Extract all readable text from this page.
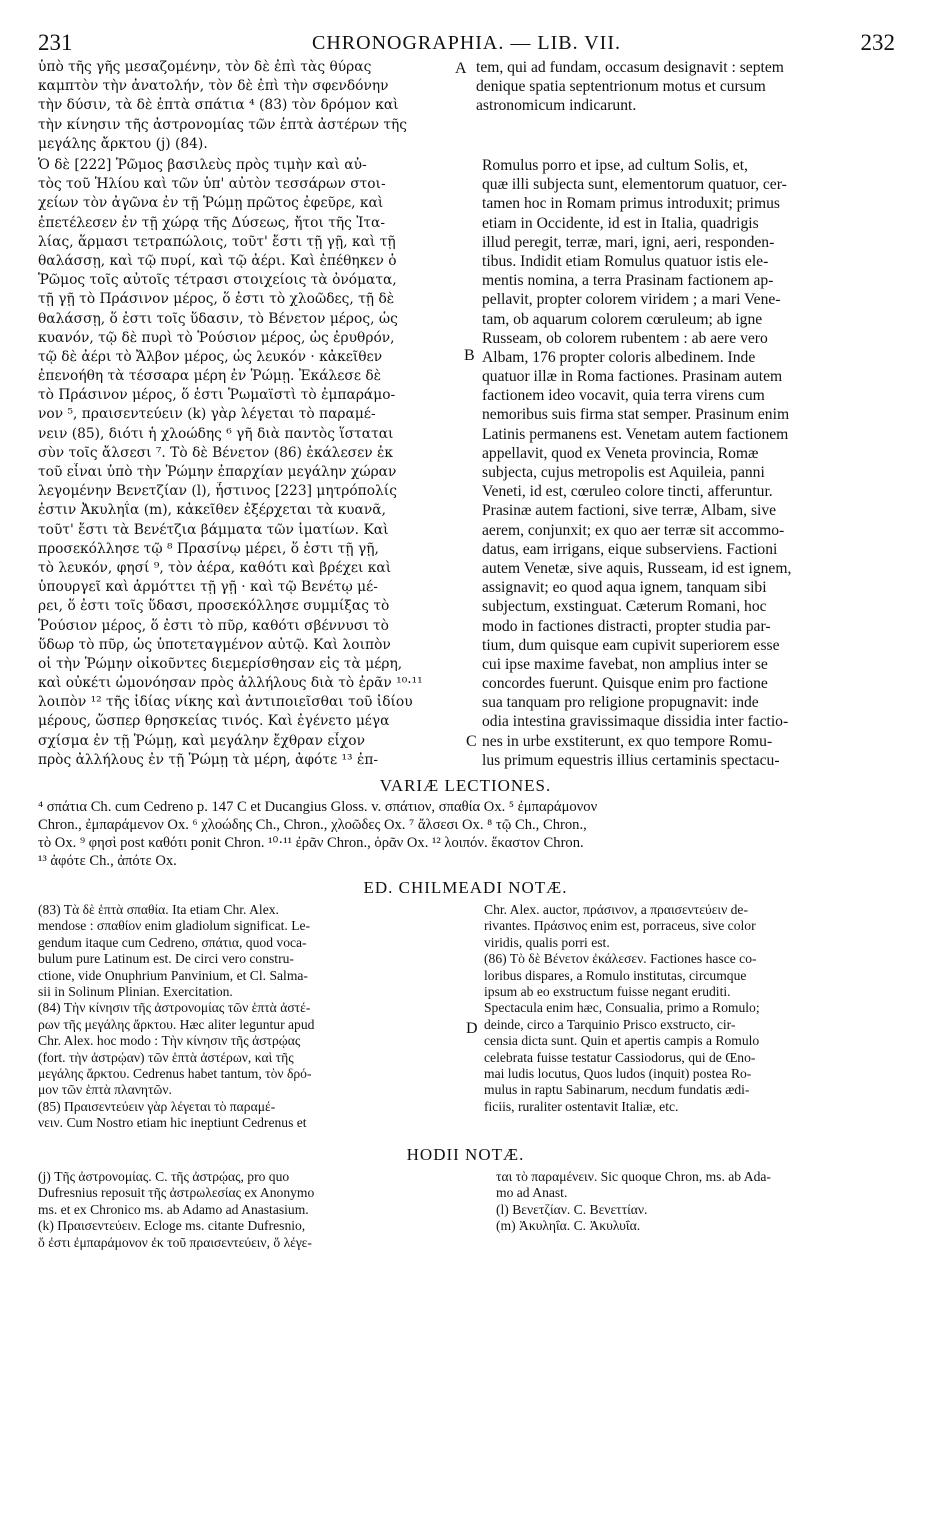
231	CHRONOGRAPHIA. — LIB. VII.	232
ὑπὸ τῆς γῆς μεσαζομένην, τὸν δὲ ἐπὶ τὰς θύρας
καμπτὸν τὴν ἀνατολήν, τὸν δὲ ἐπὶ τὴν σφενδόνην
τὴν δύσιν, τὰ δὲ ἑπτὰ σπάτια ⁴ (83) τὸν δρόμον καὶ
τὴν κίνησιν τῆς ἀστρονομίας τῶν ἑπτὰ ἀστέρων τῆς
μεγάλης ἄρκτου (j) (84).
A tem, qui ad fundam, occasum designavit : septem
denique spatia septentrionum motus et cursum
astronomicum indicarunt.
Ὁ δὲ [222] Ῥῶμος βασιλεὺς πρὸς τιμὴν καὶ αὐ-
τὸς τοῦ Ἡλίου καὶ τῶν ὑπ' αὐτὸν τεσσάρων στοι-
χείων τὸν ἀγῶνα ἐν τῇ Ῥώμῃ πρῶτος ἐφεῦρε, καὶ
ἐπετέλεσεν ἐν τῇ χώρᾳ τῆς Δύσεως, ἤτοι τῆς Ἰτα-
λίας, ἅρμασι τετραπώλοις, τοῦτ' ἔστι τῇ γῇ, καὶ τῇ
θαλάσσῃ, καὶ τῷ πυρί, καὶ τῷ ἀέρι. Καὶ ἐπέθηκεν ὁ
Ῥῶμος τοῖς αὐτοῖς τέτρασι στοιχείοις τὰ ὀνόματα,
τῇ γῇ τὸ Πράσινον μέρος, ὅ ἐστι τὸ χλοῶδες, τῇ δὲ
θαλάσσῃ, ὅ ἐστι τοῖς ὕδασιν, τὸ Βένετον μέρος, ὡς
κυανόν, τῷ δὲ πυρὶ τὸ Ῥούσιον μέρος, ὡς ἐρυθρόν,
τῷ δὲ ἀέρι τὸ Ἄλβον μέρος, ὡς λευκόν · κἀκεῖθεν
ἐπενοήθη τὰ τέσσαρα μέρη ἐν Ῥώμῃ. Ἐκάλεσε δὲ
τὸ Πράσινον μέρος, ὅ ἐστι Ῥωμαϊστὶ τὸ ἐμπαράμο-
νον ⁵, πραισεντεύειν (k) γὰρ λέγεται τὸ παραμέ-
νειν (85), διότι ἡ χλοώδης ⁶ γῆ διὰ παντὸς ἵσταται
σὺν τοῖς ἄλσεσι ⁷. Τὸ δὲ Βένετον (86) ἐκάλεσεν ἐκ
τοῦ εἶναι ὑπὸ τὴν Ῥώμην ἐπαρχίαν μεγάλην χώραν
λεγομένην Βενετζίαν (l), ἧστινος [223] μητρόπολίς
ἐστιν Ἀκυληΐα (m), κἀκεῖθεν ἐξέρχεται τὰ κυανᾶ,
τοῦτ' ἔστι τὰ Βενέτζια βάμματα τῶν ἱματίων. Καὶ
προσεκόλλησε τῷ ⁸ Πρασίνῳ μέρει, ὅ ἐστι τῇ γῇ,
τὸ λευκόν, φησί ⁹, τὸν ἀέρα, καθότι καὶ βρέχει καὶ
ὑπουργεῖ καὶ ἁρμόττει τῇ γῇ · καὶ τῷ Βενέτῳ μέ-
ρει, ὅ ἐστι τοῖς ὕδασι, προσεκόλλησε συμμίξας τὸ
Ῥούσιον μέρος, ὅ ἐστι τὸ πῦρ, καθότι σβέννυσι τὸ
ὕδωρ τὸ πῦρ, ὡς ὑποτεταγμένον αὐτῷ. Καὶ λοιπὸν
οἱ τὴν Ῥώμην οἰκοῦντες διεμερίσθησαν εἰς τὰ μέρη,
καὶ οὐκέτι ὡμονόησαν πρὸς ἀλλήλους διὰ τὸ ἐρᾶν ¹⁰·¹¹
λοιπὸν ¹² τῆς ἰδίας νίκης καὶ ἀντιποιεῖσθαι τοῦ ἰδίου
μέρους, ὥσπερ θρησκείας τινός. Καὶ ἐγένετο μέγα
σχίσμα ἐν τῇ Ῥώμῃ, καὶ μεγάλην ἔχθραν εἶχον
πρὸς ἀλλήλους ἐν τῇ Ῥώμῃ τὰ μέρη, ἀφότε ¹³ ἐπ-
B
C
Romulus porro et ipse, ad cultum Solis, et,
quæ illi subjecta sunt, elementorum quatuor, cer-
tamen hoc in Romam primus introduxit; primus
etiam in Occidente, id est in Italia, quadrigis
illud peregit, terræ, mari, igni, aeri, responden-
tibus. Indidit etiam Romulus quatuor istis ele-
mentis nomina, a terra Prasinam factionem ap-
pellavit, propter colorem viridem ; a mari Vene-
tam, ob aquarum colorem cœruleum; ab igne
Russeam, ob colorem rubentem : ab aere vero
Albam, 176 propter coloris albedinem. Inde
quatuor illæ in Roma factiones. Prasinam autem
factionem ideo vocavit, quia terra virens cum
nemoribus suis firma stat semper. Prasinum enim
Latinis permanens est. Venetam autem factionem
appellavit, quod ex Veneta provincia, Romæ
subjecta, cujus metropolis est Aquileia, panni
Veneti, id est, cœruleo colore tincti, afferuntur.
Prasinæ autem factioni, sive terræ, Albam, sive
aerem, conjunxit; ex quo aer terræ sit accommo-
datus, eam irrigans, eique subserviens. Factioni
autem Venetæ, sive aquis, Russeam, id est ignem,
assignavit; eo quod aqua ignem, tanquam sibi
subjectum, exstinguat. Cæterum Romani, hoc
modo in factiones distracti, propter studia par-
tium, dum quisque eam cupivit superiorem esse
cui ipse maxime favebat, non amplius inter se
concordes fuerunt. Quisque enim pro factione
sua tanquam pro religione propugnavit: inde
odia intestina gravissimaque dissidia inter factio-
nes in urbe exstiterunt, ex quo tempore Romu-
lus primum equestris illius certaminis spectacu-
VARIÆ LECTIONES.
⁴ σπάτια Ch. cum Cedreno p. 147 C et Ducangius Gloss. v. σπάτιον, σπαθία Ox. ⁵ ἐμπαράμονον
Chron., ἐμπαράμενον Ox. ⁶ χλοώδης Ch., Chron., χλοῶδες Ox. ⁷ ἄλσεσι Ox. ⁸ τῷ Ch., Chron.,
τὸ Ox. ⁹ φησὶ post καθότι ponit Chron. ¹⁰·¹¹ ἐρᾶν Chron., ὁρᾶν Ox. ¹² λοιπόν. ἕκαστον Chron.
¹³ ἀφότε Ch., ἀπότε Ox.
ED. CHILMEADI NOTÆ.
(83) Τὰ δὲ ἑπτὰ σπαθία. Ita etiam Chr. Alex.
mendose : σπαθίον enim gladiolum significat. Le-
gendum itaque cum Cedreno, σπάτια, quod voca-
bulum pure Latinum est. De circi vero constru-
ctione, vide Onuphrium Panvinium, et Cl. Salma-
sii in Solinum Plinian. Exercitation.
(84) Τὴν κίνησιν τῆς ἀστρονομίας τῶν ἑπτὰ ἀστέ-
ρων τῆς μεγάλης ἄρκτου. Hæc aliter leguntur apud
Chr. Alex. hoc modo : Τὴν κίνησιν τῆς ἀστρῴας
(fort. τὴν ἀστρῴαν) τῶν ἑπτὰ ἀστέρων, καὶ τῆς
μεγάλης ἄρκτου. Cedrenus habet tantum, τὸν δρό-
μον τῶν ἑπτὰ πλανητῶν.
(85) Πραισεντεύειν γὰρ λέγεται τὸ παραμέ-
νειν. Cum Nostro etiam hic ineptiunt Cedrenus et
D
Chr. Alex. auctor, πράσινον, a πραισεντεύειν de-
rivantes. Πράσινος enim est, porraceus, sive color
viridis, qualis porri est.
(86) Τὸ δὲ Βένετον ἐκάλεσεν. Factiones hasce co-
loribus dispares, a Romulo institutas, circumque
ipsum ab eo exstructum fuisse negant eruditi.
Spectacula enim hæc, Consualia, primo a Romulo;
deinde, circo a Tarquinio Prisco exstructo, cir-
censia dicta sunt. Quin et apertis campis a Romulo
celebrata fuisse testatur Cassiodorus, qui de Œno-
mai ludis locutus, Quos ludos (inquit) postea Ro-
mulus in raptu Sabinarum, necdum fundatis ædi-
ficiis, ruraliter ostentavit Italiæ, etc.
HODII NOTÆ.
(j) Τῆς ἀστρονομίας. C. τῆς ἀστρῴας, pro quo
Dufresnius reposuit τῆς ἀστρωλεσίας ex Anonymo
ms. et ex Chronico ms. ab Adamo ad Anastasium.
(k) Πραισεντεύειν. Ecloge ms. citante Dufresnio,
ὅ ἐστι ἐμπαράμονον ἐκ τοῦ πραισεντεύειν, ὅ λέγε-
ται τὸ παραμένειν. Sic quoque Chron, ms. ab Ada-
mo ad Anast.
(l) Βενετζίαν. C. Βενεττίαν.
(m) Ἀκυληΐα. C. Ἀκυλυΐα.
